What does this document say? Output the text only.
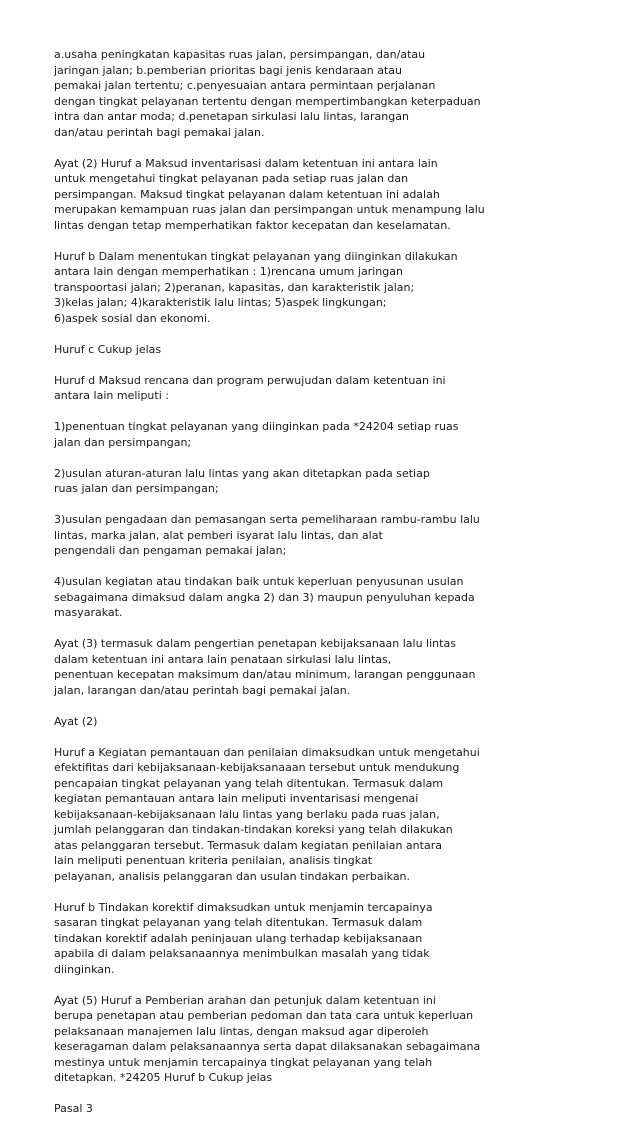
a.usaha peningkatan kapasitas ruas jalan, persimpangan, dan/atau
jaringan jalan; b.pemberian prioritas bagi jenis kendaraan atau
pemakai jalan tertentu; c.penyesuaian antara permintaan perjalanan
dengan tingkat pelayanan tertentu dengan mempertimbangkan keterpaduan
intra dan antar moda; d.penetapan sirkulasi lalu lintas, larangan
dan/atau perintah bagi pemakai jalan.
Ayat (2) Huruf a Maksud inventarisasi dalam ketentuan ini antara lain
untuk mengetahui tingkat pelayanan pada setiap ruas jalan dan
persimpangan. Maksud tingkat pelayanan dalam ketentuan ini adalah
merupakan kemampuan ruas jalan dan persimpangan untuk menampung lalu
lintas dengan tetap memperhatikan faktor kecepatan dan keselamatan.
Huruf b Dalam menentukan tingkat pelayanan yang diinginkan dilakukan
antara lain dengan memperhatikan : 1)rencana umum jaringan
transpoortasi jalan; 2)peranan, kapasitas, dan karakteristik jalan;
3)kelas jalan; 4)karakteristik lalu lintas; 5)aspek lingkungan;
6)aspek sosial dan ekonomi.
Huruf c Cukup jelas
Huruf d Maksud rencana dan program perwujudan dalam ketentuan ini
antara lain meliputi :
1)penentuan tingkat pelayanan yang diinginkan pada *24204 setiap ruas
jalan dan persimpangan;
2)usulan aturan-aturan lalu lintas yang akan ditetapkan pada setiap
ruas jalan dan persimpangan;
3)usulan pengadaan dan pemasangan serta pemeliharaan rambu-rambu lalu
lintas, marka jalan, alat pemberi isyarat lalu lintas, dan alat
pengendali dan pengaman pemakai jalan;
4)usulan kegiatan atau tindakan baik untuk keperluan penyusunan usulan
sebagaimana dimaksud dalam angka 2) dan 3) maupun penyuluhan kepada
masyarakat.
Ayat (3) termasuk dalam pengertian penetapan kebijaksanaan lalu lintas
dalam ketentuan ini antara lain penataan sirkulasi lalu lintas,
penentuan kecepatan maksimum dan/atau minimum, larangan penggunaan
jalan, larangan dan/atau perintah bagi pemakai jalan.
Ayat (2)
Huruf a Kegiatan pemantauan dan penilaian dimaksudkan untuk mengetahui
efektifitas dari kebijaksanaan-kebijaksanaaan tersebut untuk mendukung
pencapaian tingkat pelayanan yang telah ditentukan. Termasuk dalam
kegiatan pemantauan antara lain meliputi inventarisasi mengenai
kebijaksanaan-kebijaksanaan lalu lintas yang berlaku pada ruas jalan,
jumlah pelanggaran dan tindakan-tindakan koreksi yang telah dilakukan
atas pelanggaran tersebut. Termasuk dalam kegiatan penilaian antara
lain meliputi penentuan kriteria penilaian, analisis tingkat
pelayanan, analisis pelanggaran dan usulan tindakan perbaikan.
Huruf b Tindakan korektif dimaksudkan untuk menjamin tercapainya
sasaran tingkat pelayanan yang telah ditentukan. Termasuk dalam
tindakan korektif adalah peninjauan ulang terhadap kebijaksanaan
apabila di dalam pelaksanaannya menimbulkan masalah yang tidak
diinginkan.
Ayat (5) Huruf a Pemberian arahan dan petunjuk dalam ketentuan ini
berupa penetapan atau pemberian pedoman dan tata cara untuk keperluan
pelaksanaan manajemen lalu lintas, dengan maksud agar diperoleh
keseragaman dalam pelaksanaannya serta dapat dilaksanakan sebagaimana
mestinya untuk menjamin tercapainya tingkat pelayanan yang telah
ditetapkan. *24205 Huruf b Cukup jelas
Pasal 3
